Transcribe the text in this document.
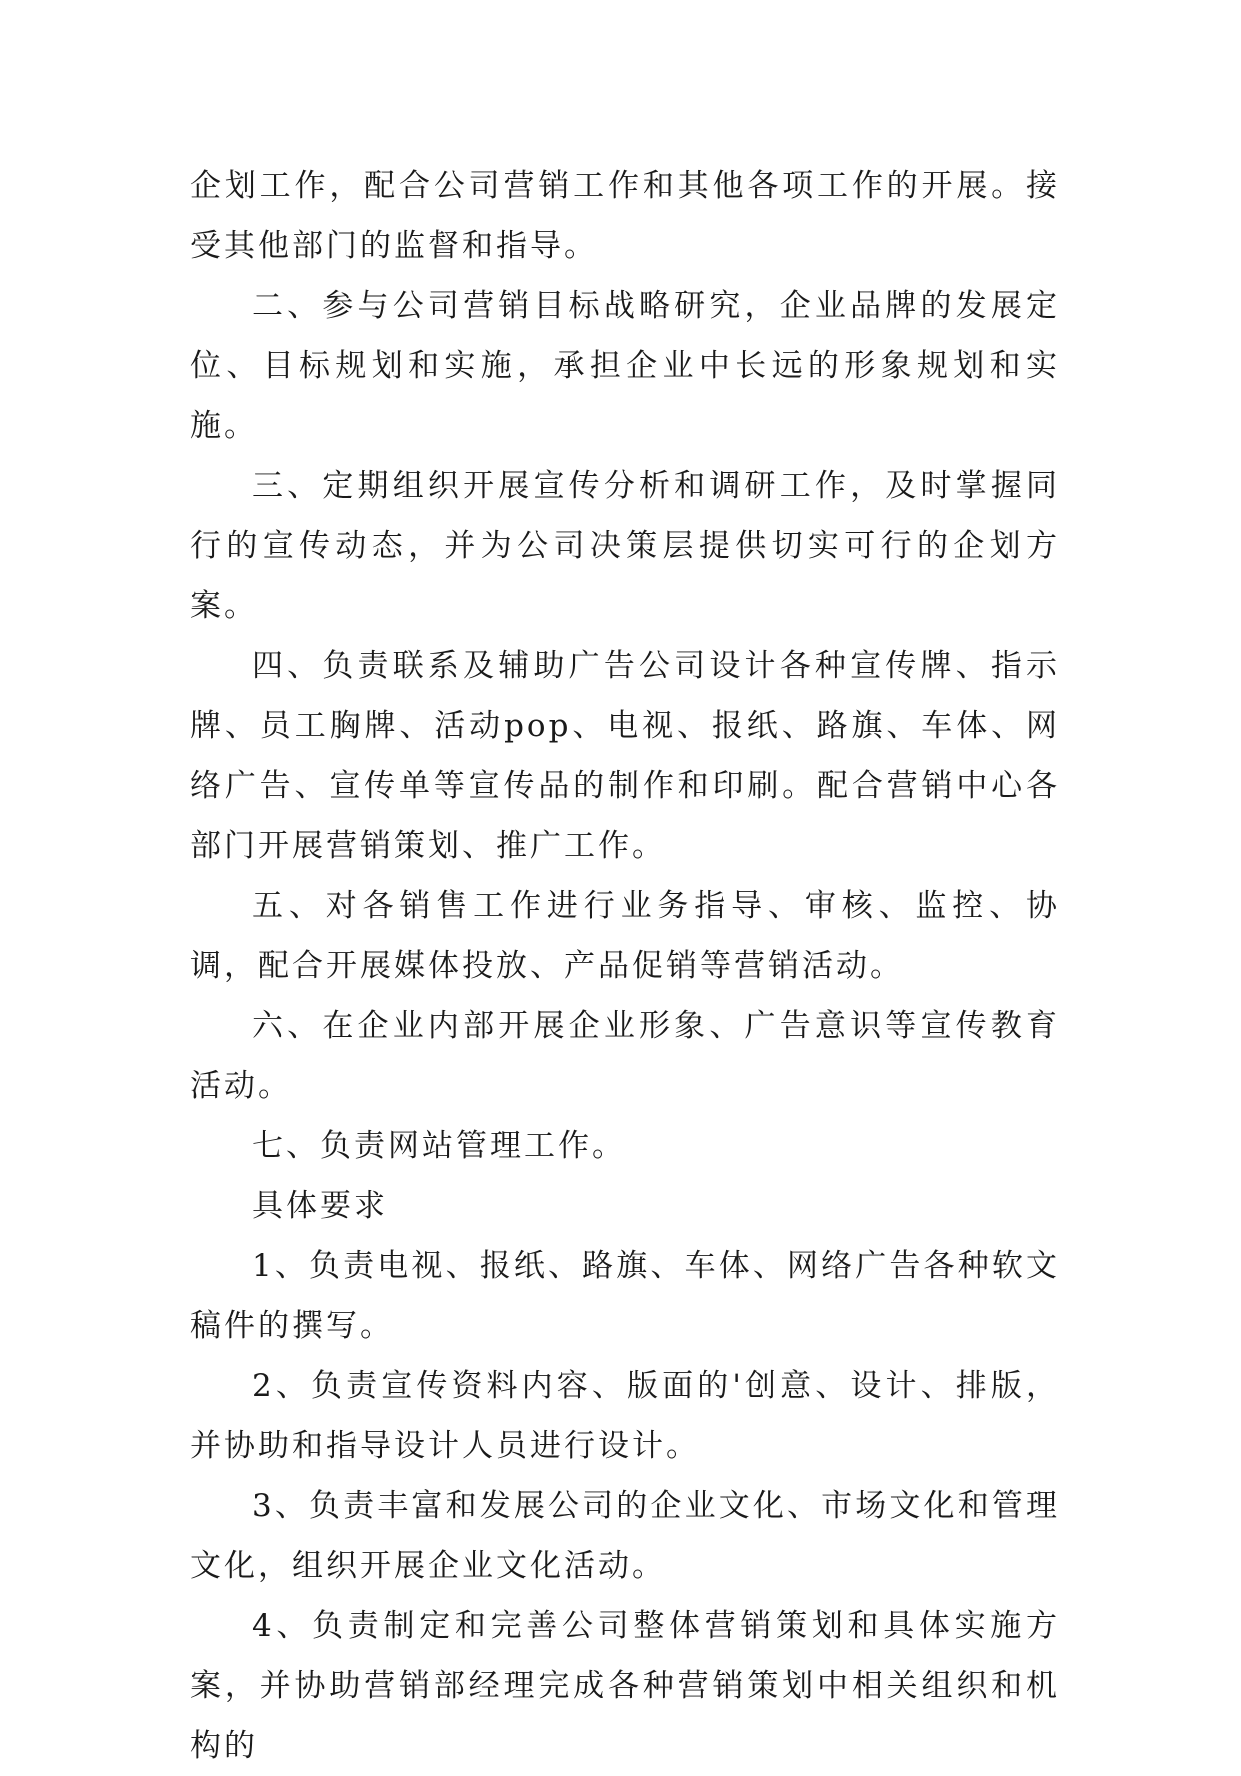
企划工作，配合公司营销工作和其他各项工作的开展。接受其他部门的监督和指导。

二、参与公司营销目标战略研究，企业品牌的发展定位、目标规划和实施，承担企业中长远的形象规划和实施。

三、定期组织开展宣传分析和调研工作，及时掌握同行的宣传动态，并为公司决策层提供切实可行的企划方案。

四、负责联系及辅助广告公司设计各种宣传牌、指示牌、员工胸牌、活动pop、电视、报纸、路旗、车体、网络广告、宣传单等宣传品的制作和印刷。配合营销中心各部门开展营销策划、推广工作。

五、对各销售工作进行业务指导、审核、监控、协调，配合开展媒体投放、产品促销等营销活动。

六、在企业内部开展企业形象、广告意识等宣传教育活动。

七、负责网站管理工作。

具体要求

1、负责电视、报纸、路旗、车体、网络广告各种软文稿件的撰写。

2、负责宣传资料内容、版面的'创意、设计、排版，并协助和指导设计人员进行设计。

3、负责丰富和发展公司的企业文化、市场文化和管理文化，组织开展企业文化活动。

4、负责制定和完善公司整体营销策划和具体实施方案，并协助营销部经理完成各种营销策划中相关组织和机构的
